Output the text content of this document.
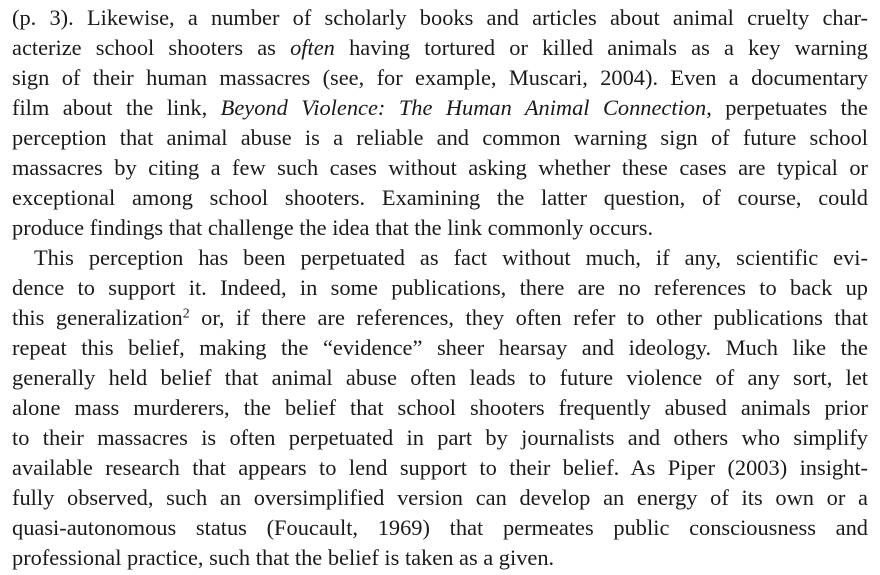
(p. 3). Likewise, a number of scholarly books and articles about animal cruelty char-
acterize school shooters as often having tortured or killed animals as a key warning
sign of their human massacres (see, for example, Muscari, 2004). Even a documentary
film about the link, Beyond Violence: The Human Animal Connection, perpetuates the
perception that animal abuse is a reliable and common warning sign of future school
massacres by citing a few such cases without asking whether these cases are typical or
exceptional among school shooters. Examining the latter question, of course, could
produce findings that challenge the idea that the link commonly occurs.
This perception has been perpetuated as fact without much, if any, scientific evi-
dence to support it. Indeed, in some publications, there are no references to back up
this generalization$^2$ or, if there are references, they often refer to other publications that
repeat this belief, making the “evidence” sheer hearsay and ideology. Much like the
generally held belief that animal abuse often leads to future violence of any sort, let
alone mass murderers, the belief that school shooters frequently abused animals prior
to their massacres is often perpetuated in part by journalists and others who simplify
available research that appears to lend support to their belief. As Piper (2003) insight-
fully observed, such an oversimplified version can develop an energy of its own or a
quasi-autonomous status (Foucault, 1969) that permeates public consciousness and
professional practice, such that the belief is taken as a given.
